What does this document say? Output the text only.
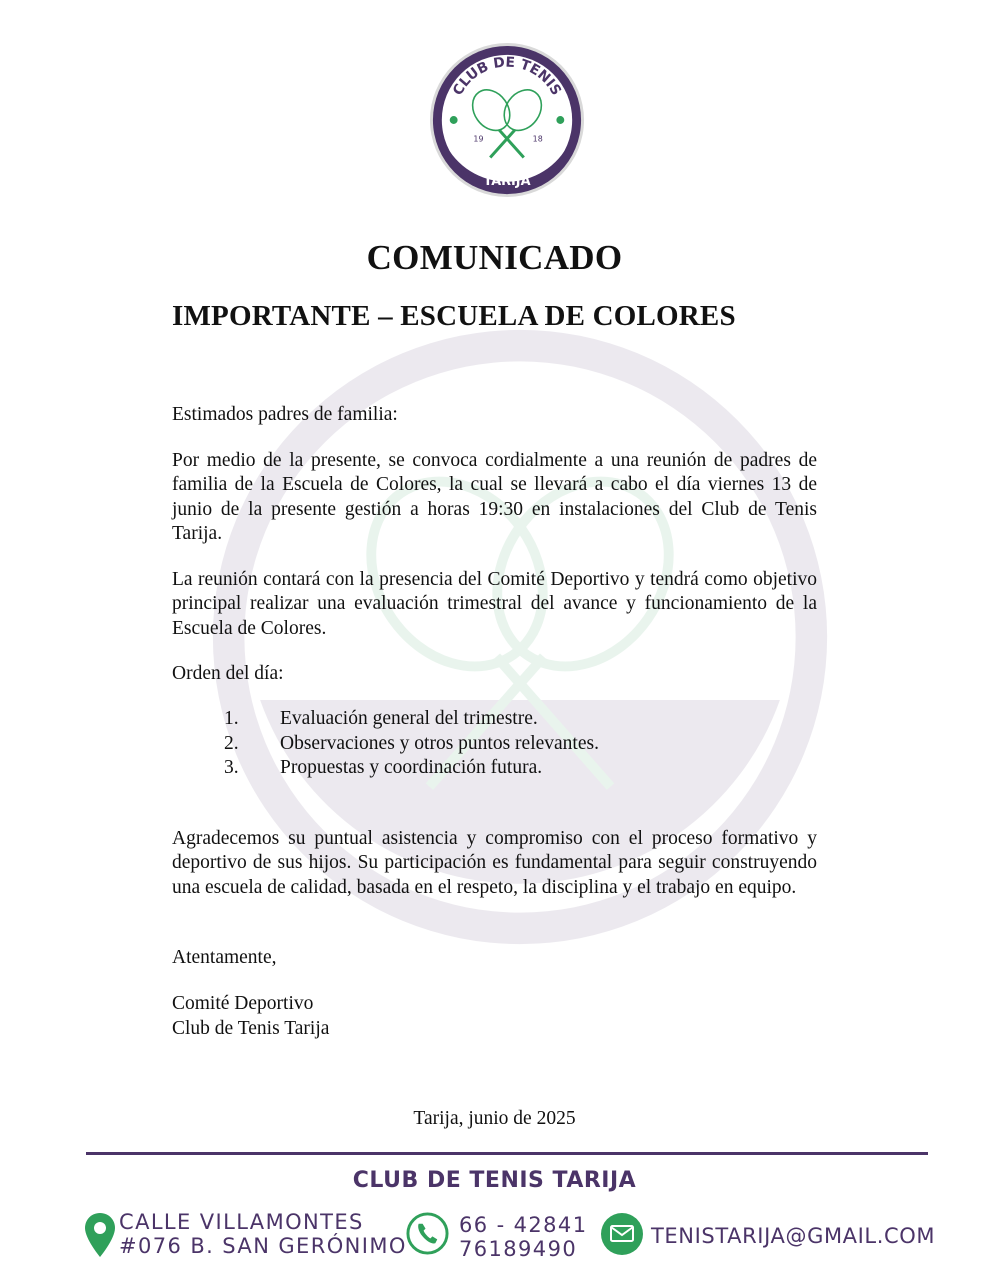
CLUB DE TENIS
TARIJA
19	18
COMUNICADO
IMPORTANTE – ESCUELA DE COLORES
Estimados padres de familia:
Por medio de la presente, se convoca cordialmente a una reunión de padres de familia de la Escuela de Colores, la cual se llevará a cabo el día viernes 13 de junio de la presente gestión a horas 19:30 en instalaciones del Club de Tenis Tarija.
La reunión contará con la presencia del Comité Deportivo y tendrá como objetivo principal realizar una evaluación trimestral del avance y funcionamiento de la Escuela de Colores.
Orden del día:
1.	Evaluación general del trimestre.
2.	Observaciones y otros puntos relevantes.
3.	Propuestas y coordinación futura.
Agradecemos su puntual asistencia y compromiso con el proceso formativo y deportivo de sus hijos. Su participación es fundamental para seguir construyendo una escuela de calidad, basada en el respeto, la disciplina y el trabajo en equipo.
Atentamente,
Comité Deportivo
Club de Tenis Tarija
Tarija, junio de 2025
CLUB DE TENIS TARIJA
CALLE VILLAMONTES
#076 B. SAN GERÓNIMO
66 - 42841
76189490
TENISTARIJA@GMAIL.COM
